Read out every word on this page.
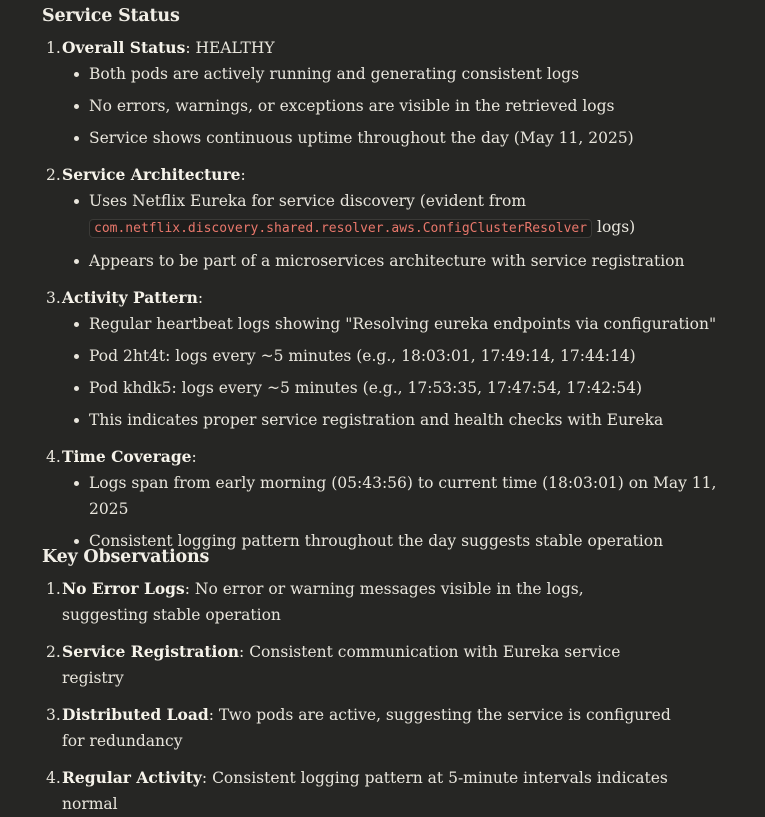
Service Status
1. Overall Status: HEALTHY
Both pods are actively running and generating consistent logs
No errors, warnings, or exceptions are visible in the retrieved logs
Service shows continuous uptime throughout the day (May 11, 2025)
2. Service Architecture:
Uses Netflix Eureka for service discovery (evident from
com.netflix.discovery.shared.resolver.aws.ConfigClusterResolver logs)
Appears to be part of a microservices architecture with service registration
3. Activity Pattern:
Regular heartbeat logs showing "Resolving eureka endpoints via configuration"
Pod 2ht4t: logs every ~5 minutes (e.g., 18:03:01, 17:49:14, 17:44:14)
Pod khdk5: logs every ~5 minutes (e.g., 17:53:35, 17:47:54, 17:42:54)
This indicates proper service registration and health checks with Eureka
4. Time Coverage:
Logs span from early morning (05:43:56) to current time (18:03:01) on May 11, 2025
Consistent logging pattern throughout the day suggests stable operation
Key Observations
1. No Error Logs: No error or warning messages visible in the logs, suggesting stable operation
2. Service Registration: Consistent communication with Eureka service registry
3. Distributed Load: Two pods are active, suggesting the service is configured for redundancy
4. Regular Activity: Consistent logging pattern at 5-minute intervals indicates normal
